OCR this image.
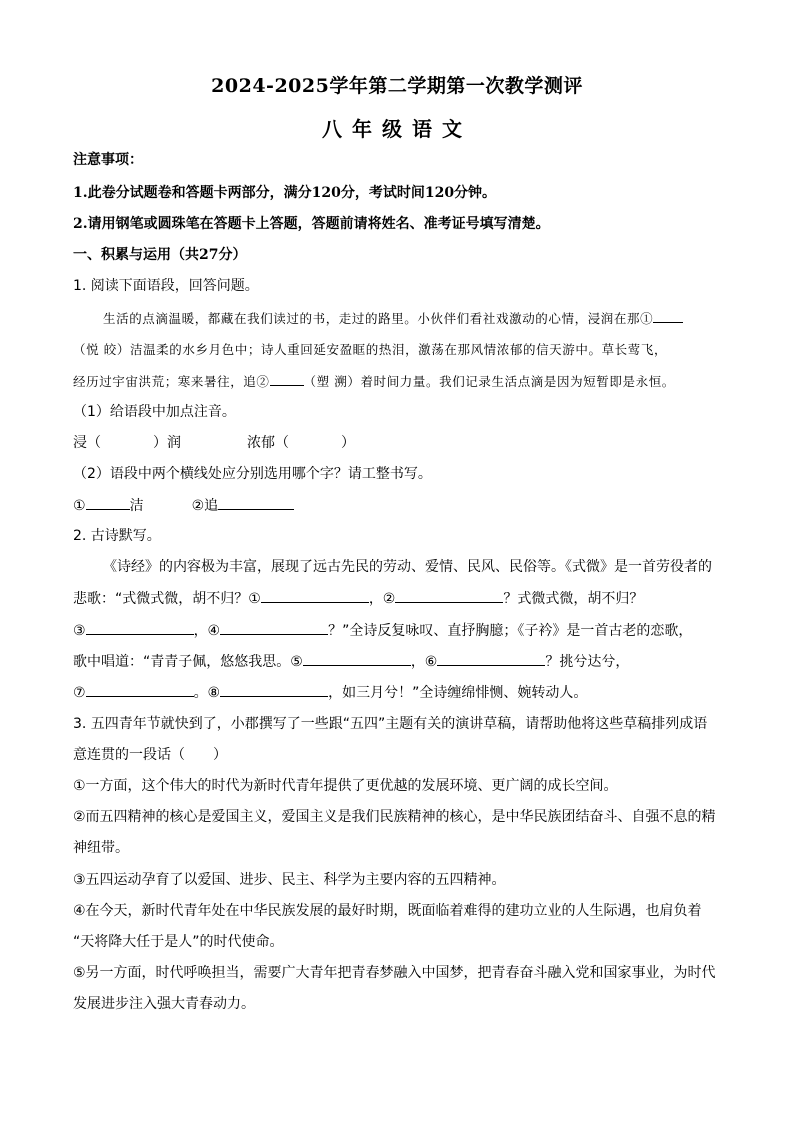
2024-2025学年第二学期第一次教学测评
八年级语文
注意事项：
1.此卷分试题卷和答题卡两部分，满分120分，考试时间120分钟。
2.请用钢笔或圆珠笔在答题卡上答题，答题前请将姓名、准考证号填写清楚。
一、积累与运用（共27分）
1. 阅读下面语段，回答问题。
生活的点滴温暖，都藏在我们读过的书，走过的路里。小伙伴们看社戏激动的心情，浸润在那①
（悦 皎）洁温柔的水乡月色中；诗人重回延安盈眶的热泪，激荡在那风情浓郁的信天游中。草长莺飞，
经历过宇宙洪荒；寒来暑往，追②	（塑 溯）着时间力量。我们记录生活点滴是因为短暂即是永恒。
（1）给语段中加点注音。
浸（	）润	浓郁（	）
（2）语段中两个横线处应分别选用哪个字？请工整书写。
①	洁	②追
2. 古诗默写。
《诗经》的内容极为丰富，展现了远古先民的劳动、爱情、民风、民俗等。《式微》是一首劳役者的
悲歌：“式微式微，胡不归？①	，②	？式微式微，胡不归？
③	，④	？”全诗反复咏叹、直抒胸臆；《子衿》是一首古老的恋歌，
歌中唱道：“青青子佩，悠悠我思。⑤	，⑥	？挑兮达兮，
⑦	。⑧	，如三月兮！”全诗缠绵悱恻、婉转动人。
3. 五四青年节就快到了，小郡撰写了一些跟“五四”主题有关的演讲草稿，请帮助他将这些草稿排列成语
意连贯的一段话（　　）
①一方面，这个伟大的时代为新时代青年提供了更优越的发展环境、更广阔的成长空间。
②而五四精神的核心是爱国主义，爱国主义是我们民族精神的核心，是中华民族团结奋斗、自强不息的精
神纽带。
③五四运动孕育了以爱国、进步、民主、科学为主要内容的五四精神。
④在今天，新时代青年处在中华民族发展的最好时期，既面临着难得的建功立业的人生际遇，也肩负着
“天将降大任于是人”的时代使命。
⑤另一方面，时代呼唤担当，需要广大青年把青春梦融入中国梦，把青春奋斗融入党和国家事业，为时代
发展进步注入强大青春动力。
